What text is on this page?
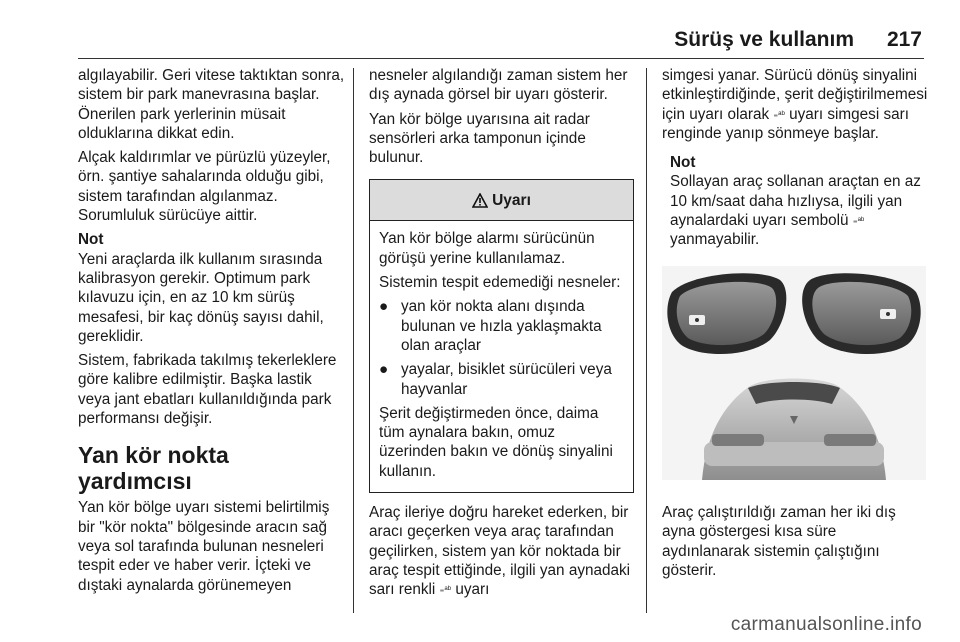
Sürüş ve kullanım 217

algılayabilir. Geri vitese taktıktan sonra, sistem bir park manevrasına başlar. Önerilen park yerlerinin müsait olduklarına dikkat edin.

Alçak kaldırımlar ve pürüzlü yüzeyler, örn. şantiye sahalarında olduğu gibi, sistem tarafından algılanmaz. Sorumluluk sürücüye aittir.

Not
Yeni araçlarda ilk kullanım sırasında kalibrasyon gerekir. Optimum park kılavuzu için, en az 10 km sürüş mesafesi, bir kaç dönüş sayısı dahil, gereklidir.

Sistem, fabrikada takılmış tekerleklere göre kalibre edilmiştir. Başka lastik veya jant ebatları kullanıldığında park performansı değişir.

Yan kör nokta yardımcısı

Yan kör bölge uyarı sistemi belirtilmiş bir "kör nokta" bölgesinde aracın sağ veya sol tarafında bulunan nesneleri tespit eder ve haber verir. İçteki ve dıştaki aynalarda görünemeyen

nesneler algılandığı zaman sistem her dış aynada görsel bir uyarı gösterir.

Yan kör bölge uyarısına ait radar sensörleri arka tamponun içinde bulunur.

Uyarı

Yan kör bölge alarmı sürücünün görüşü yerine kullanılamaz.

Sistemin tespit edemediği nesneler:

● yan kör nokta alanı dışında bulunan ve hızla yaklaşmakta olan araçlar
● yayalar, bisiklet sürücüleri veya hayvanlar

Şerit değiştirmeden önce, daima tüm aynalara bakın, omuz üzerinden bakın ve dönüş sinyalini kullanın.

Araç ileriye doğru hareket ederken, bir aracı geçerken veya araç tarafından geçilirken, sistem yan kör noktada bir araç tespit ettiğinde, ilgili yan aynadaki sarı renkli ₌ᵃᵇ uyarı

simgesi yanar. Sürücü dönüş sinyalini etkinleştirdiğinde, şerit değiştirilmemesi için uyarı olarak ₌ᵃᵇ uyarı simgesi sarı renginde yanıp sönmeye başlar.

Not
Sollayan araç sollanan araçtan en az 10 km/saat daha hızlıysa, ilgili yan aynalardaki uyarı sembolü ₌ᵃᵇ yanmayabilir.

Araç çalıştırıldığı zaman her iki dış ayna göstergesi kısa süre aydınlanarak sistemin çalıştığını gösterir.

carmanualsonline.info
